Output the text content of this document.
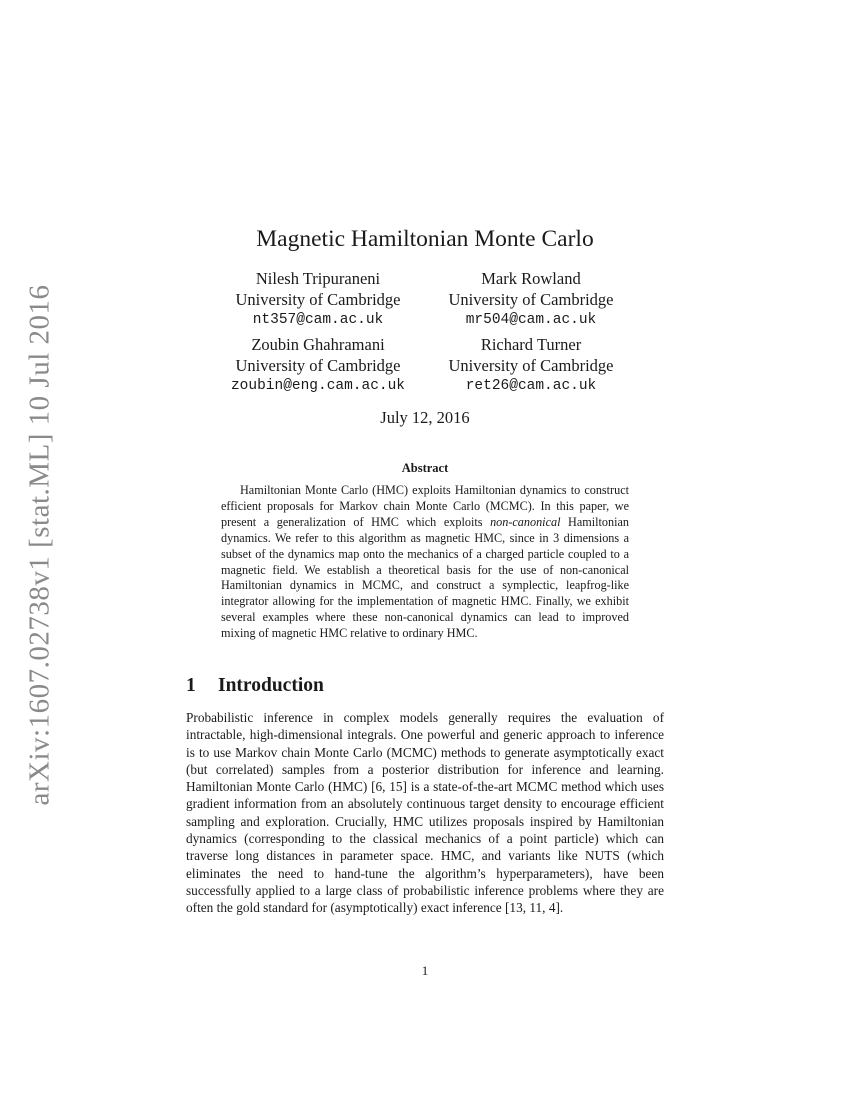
arXiv:1607.02738v1 [stat.ML] 10 Jul 2016
Magnetic Hamiltonian Monte Carlo
Nilesh Tripuraneni
University of Cambridge
nt357@cam.ac.uk
Mark Rowland
University of Cambridge
mr504@cam.ac.uk
Zoubin Ghahramani
University of Cambridge
zoubin@eng.cam.ac.uk
Richard Turner
University of Cambridge
ret26@cam.ac.uk
July 12, 2016
Abstract
Hamiltonian Monte Carlo (HMC) exploits Hamiltonian dynamics to construct efficient proposals for Markov chain Monte Carlo (MCMC). In this paper, we present a generalization of HMC which exploits non-canonical Hamiltonian dynamics. We refer to this algorithm as magnetic HMC, since in 3 dimensions a subset of the dynamics map onto the mechanics of a charged particle coupled to a magnetic field. We establish a theoretical basis for the use of non-canonical Hamiltonian dynamics in MCMC, and construct a symplectic, leapfrog-like integrator allowing for the implementation of magnetic HMC. Finally, we exhibit several examples where these non-canonical dynamics can lead to improved mixing of magnetic HMC relative to ordinary HMC.
1 Introduction
Probabilistic inference in complex models generally requires the evaluation of intractable, high-dimensional integrals. One powerful and generic approach to inference is to use Markov chain Monte Carlo (MCMC) methods to generate asymptotically exact (but correlated) samples from a posterior distribution for inference and learning. Hamiltonian Monte Carlo (HMC) [6, 15] is a state-of-the-art MCMC method which uses gradient information from an absolutely continuous target density to encourage efficient sampling and exploration. Crucially, HMC utilizes proposals inspired by Hamiltonian dynamics (corresponding to the classical mechanics of a point particle) which can traverse long distances in parameter space. HMC, and variants like NUTS (which eliminates the need to hand-tune the algorithm’s hyperparameters), have been successfully applied to a large class of probabilistic inference problems where they are often the gold standard for (asymptotically) exact inference [13, 11, 4].
1
